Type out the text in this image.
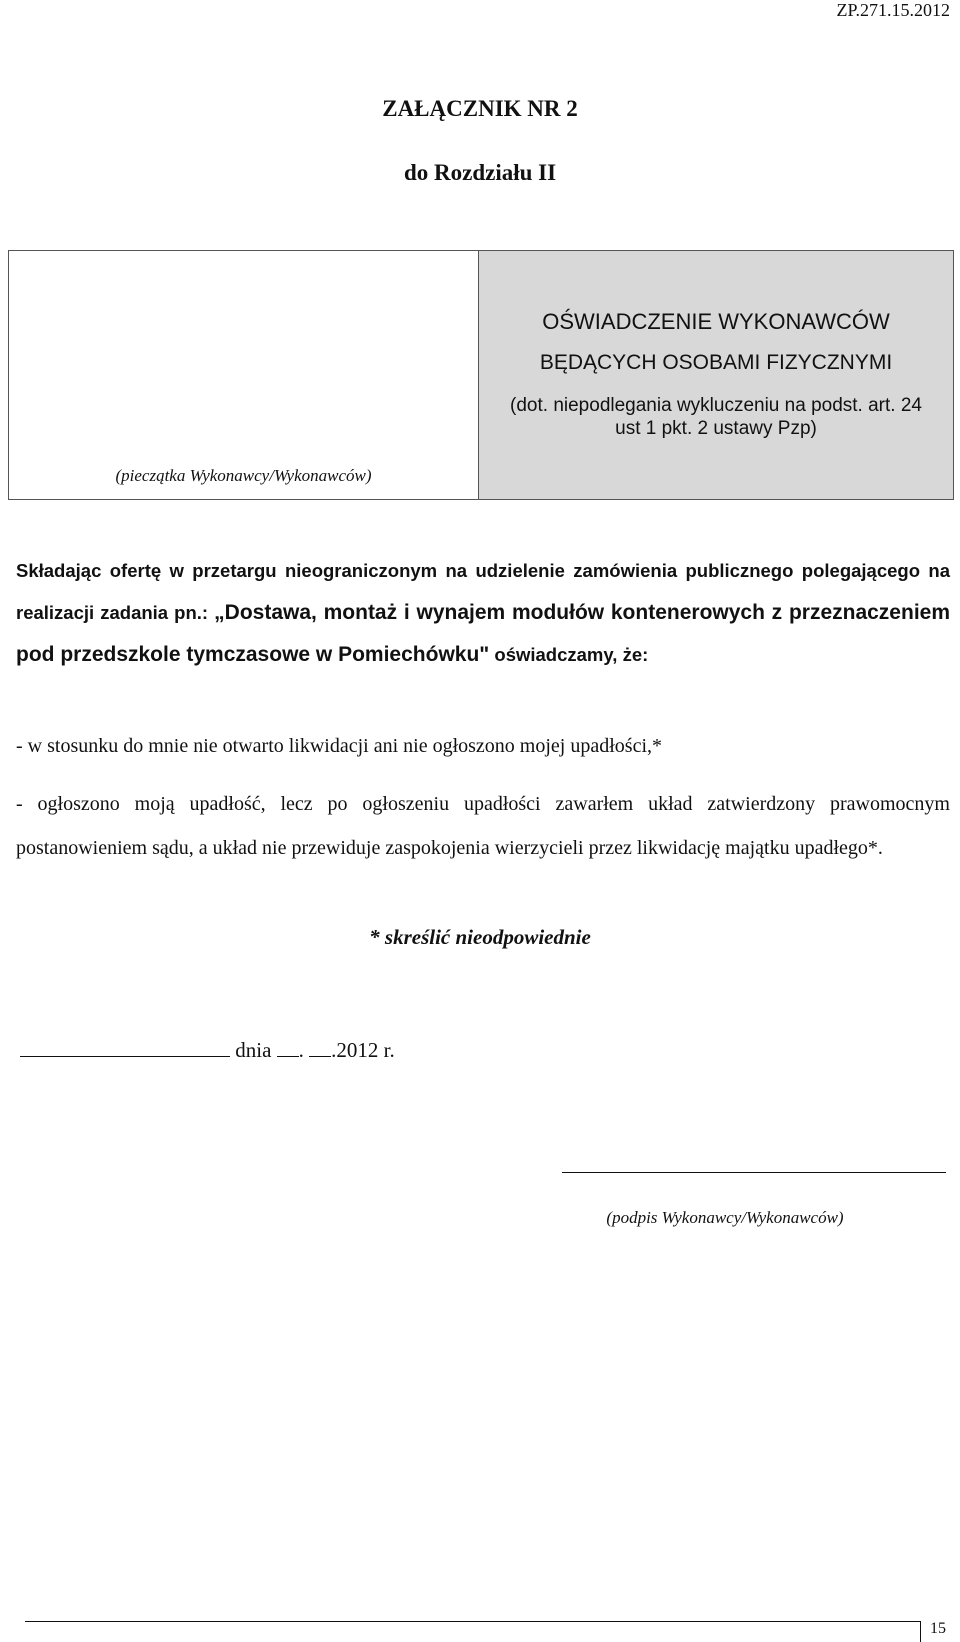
ZP.271.15.2012
ZAŁĄCZNIK NR 2
do Rozdziału II
(pieczątka Wykonawcy/Wykonawców)
OŚWIADCZENIE WYKONAWCÓW
BĘDĄCYCH OSOBAMI FIZYCZNYMI
(dot. niepodlegania wykluczeniu na podst. art. 24 ust 1 pkt. 2 ustawy Pzp)
Składając ofertę w przetargu nieograniczonym na udzielenie zamówienia publicznego polegającego na realizacji zadania pn.: „Dostawa, montaż i wynajem modułów kontenerowych z przeznaczeniem pod przedszkole tymczasowe w Pomiechówku" oświadczamy, że:
- w stosunku do mnie nie otwarto likwidacji ani nie ogłoszono mojej upadłości,*
- ogłoszono moją upadłość, lecz po ogłoszeniu upadłości zawarłem układ zatwierdzony prawomocnym postanowieniem sądu, a układ nie przewiduje zaspokojenia wierzycieli przez likwidację majątku upadłego*.
* skreślić nieodpowiednie
dnia . .2012 r.
(podpis Wykonawcy/Wykonawców)
15
